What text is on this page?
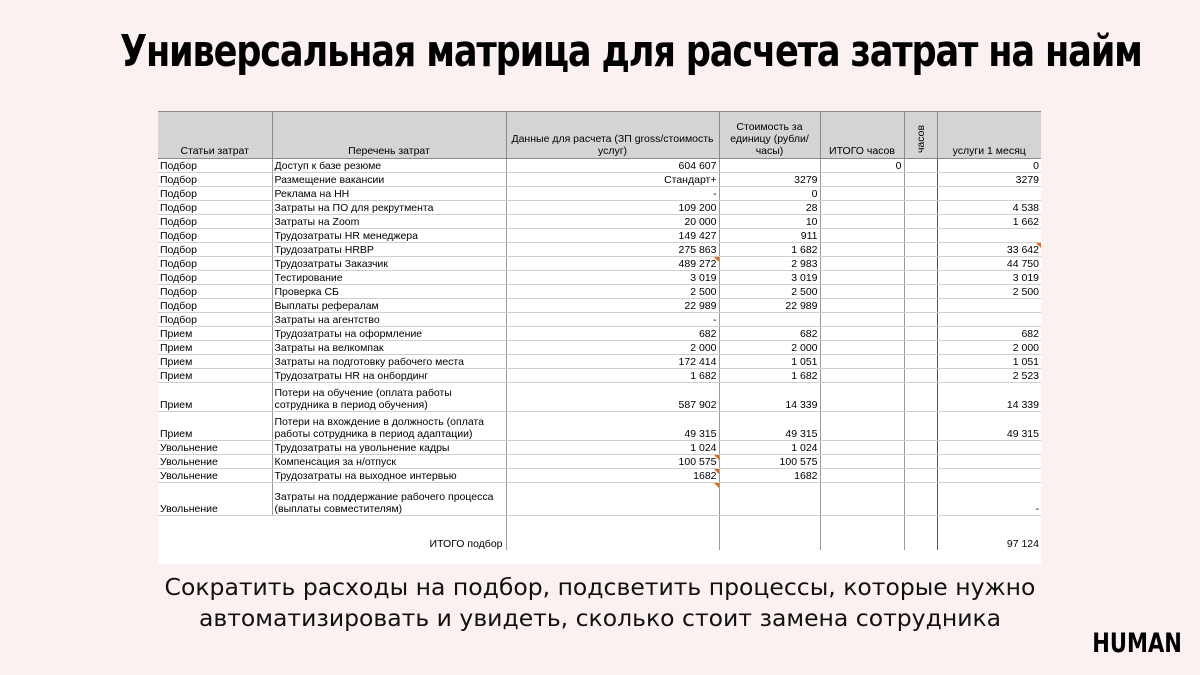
Универсальная матрица для расчета затрат на найм
Статьи затрат	Перечень затрат	Данные для расчета (ЗП gross/стоимость услуг)	Стоимость за единицу (рубли/часы)	ИТОГО часов	часов	услуги 1 месяц
Подбор	Доступ к базе резюме	604 607		0		0
Подбор	Размещение вакансии	Стандарт+	3279			3279
Подбор	Реклама на НН	-	0			
Подбор	Затраты на ПО для рекрутмента	109 200	28			4 538
Подбор	Затраты на Zoom	20 000	10			1 662
Подбор	Трудозатраты HR менеджера	149 427	911			
Подбор	Трудозатраты HRBP	275 863	1 682			33 642
Подбор	Трудозатраты Заказчик	489 272	2 983			44 750
Подбор	Тестирование	3 019	3 019			3 019
Подбор	Проверка СБ	2 500	2 500			2 500
Подбор	Выплаты рефералам	22 989	22 989			
Подбор	Затраты на агентство	-				
Прием	Трудозатраты на оформление	682	682			682
Прием	Затраты на велкомпак	2 000	2 000			2 000
Прием	Затраты на подготовку рабочего места	172 414	1 051			1 051
Прием	Трудозатраты HR на онбординг	1 682	1 682			2 523
Прием	Потери на обучение (оплата работы сотрудника в период обучения)	587 902	14 339			14 339
Прием	Потери на вхождение в должность (оплата работы сотрудника в период адаптации)	49 315	49 315			49 315
Увольнение	Трудозатраты на увольнение кадры	1 024	1 024			
Увольнение	Компенсация за н/отпуск	100 575	100 575			
Увольнение	Трудозатраты на выходное интервью	1682	1682			
Увольнение	Затраты на поддержание рабочего процесса (выплаты совместителям)					-
ИТОГО подбор						97 124
Сократить расходы на подбор, подсветить процессы, которые нужно
автоматизировать и увидеть, сколько стоит замена сотрудника
HUMAN
